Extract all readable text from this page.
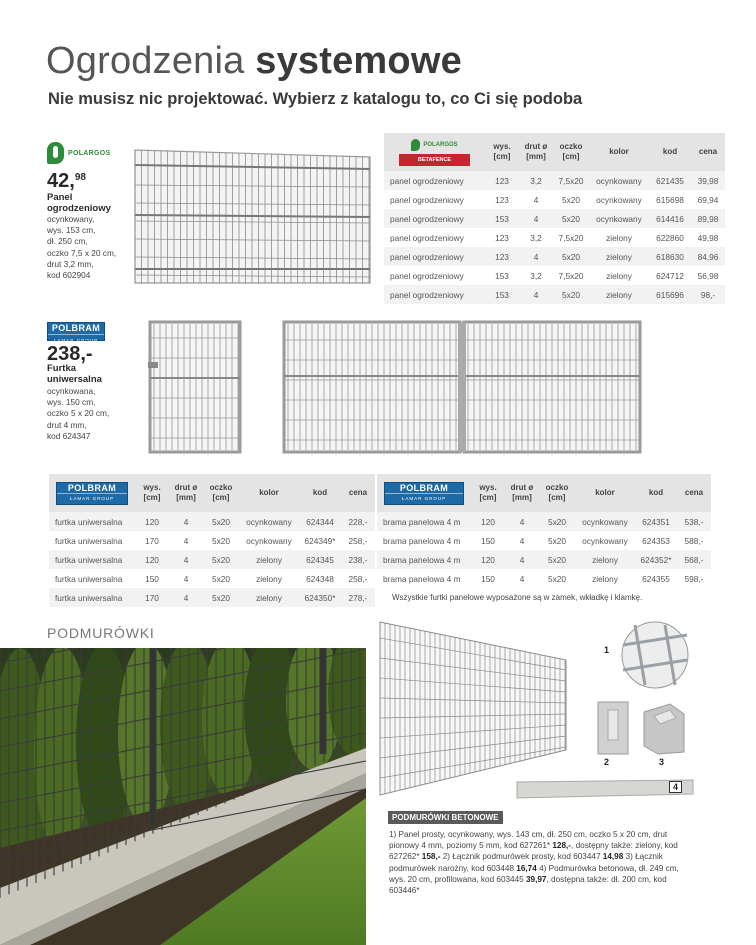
Ogrodzenia systemowe
Nie musisz nic projektować. Wybierz z katalogu to, co Ci się podoba
POLARGOS
42,98
Panel
ogrodzeniowy
ocynkowany,
wys. 153 cm,
dł. 250 cm,
oczko 7,5 x 20 cm,
drut 3,2 mm,
kod 602904
POLARGOS
BETAFENCE	wys. [cm]	drut ø [mm]	oczko [cm]	kolor	kod	cena
panel ogrodzeniowy	123	3,2	7,5x20	ocynkowany	621435	39,98
panel ogrodzeniowy	123	4	5x20	ocynkowany	615698	69,94
panel ogrodzeniowy	153	4	5x20	ocynkowany	614416	89,98
panel ogrodzeniowy	123	3,2	7,5x20	zielony	622860	49,98
panel ogrodzeniowy	123	4	5x20	zielony	618630	84,96
panel ogrodzeniowy	153	3,2	7,5x20	zielony	624712	56,98
panel ogrodzeniowy	153	4	5x20	zielony	615696	98,-
POLBRAM
ŁAMAR GROUP
238,-
Furtka
uniwersalna
ocynkowana,
wys. 150 cm,
oczko 5 x 20 cm,
drut 4 mm,
kod 624347
POLBRAM
ŁAMAR GROUP	wys. [cm]	drut ø [mm]	oczko [cm]	kolor	kod	cena
furtka uniwersalna	120	4	5x20	ocynkowany	624344	228,-
furtka uniwersalna	170	4	5x20	ocynkowany	624349*	258,-
furtka uniwersalna	120	4	5x20	zielony	624345	238,-
furtka uniwersalna	150	4	5x20	zielony	624348	258,-
furtka uniwersalna	170	4	5x20	zielony	624350*	278,-
POLBRAM
ŁAMAR GROUP	wys. [cm]	drut ø [mm]	oczko [cm]	kolor	kod	cena
brama panelowa 4 m	120	4	5x20	ocynkowany	624351	538,-
brama panelowa 4 m	150	4	5x20	ocynkowany	624353	588,-
brama panelowa 4 m	120	4	5x20	zielony	624352*	568,-
brama panelowa 4 m	150	4	5x20	zielony	624355	598,-
Wszystkie furtki panelowe wyposażone są w zamek, wkładkę i klamkę.
PODMURÓWKI
1
2	3
4
PODMURÓWKI BETONOWE
1) Panel prosty, ocynkowany, wys. 143 cm, dł. 250 cm, oczko 5 x 20 cm, drut pionowy 4 mm, poziomy 5 mm, kod 627261* 128,-, dostępny także: zielony, kod 627262* 158,- 2) Łącznik podmurówek prosty, kod 603447 14,98 3) Łącznik podmurówek narożny, kod 603448 16,74 4) Podmurówka betonowa, dł. 249 cm, wys. 20 cm, profilowana, kod 603445 39,97, dostępna także: dł. 200 cm, kod 603446*
